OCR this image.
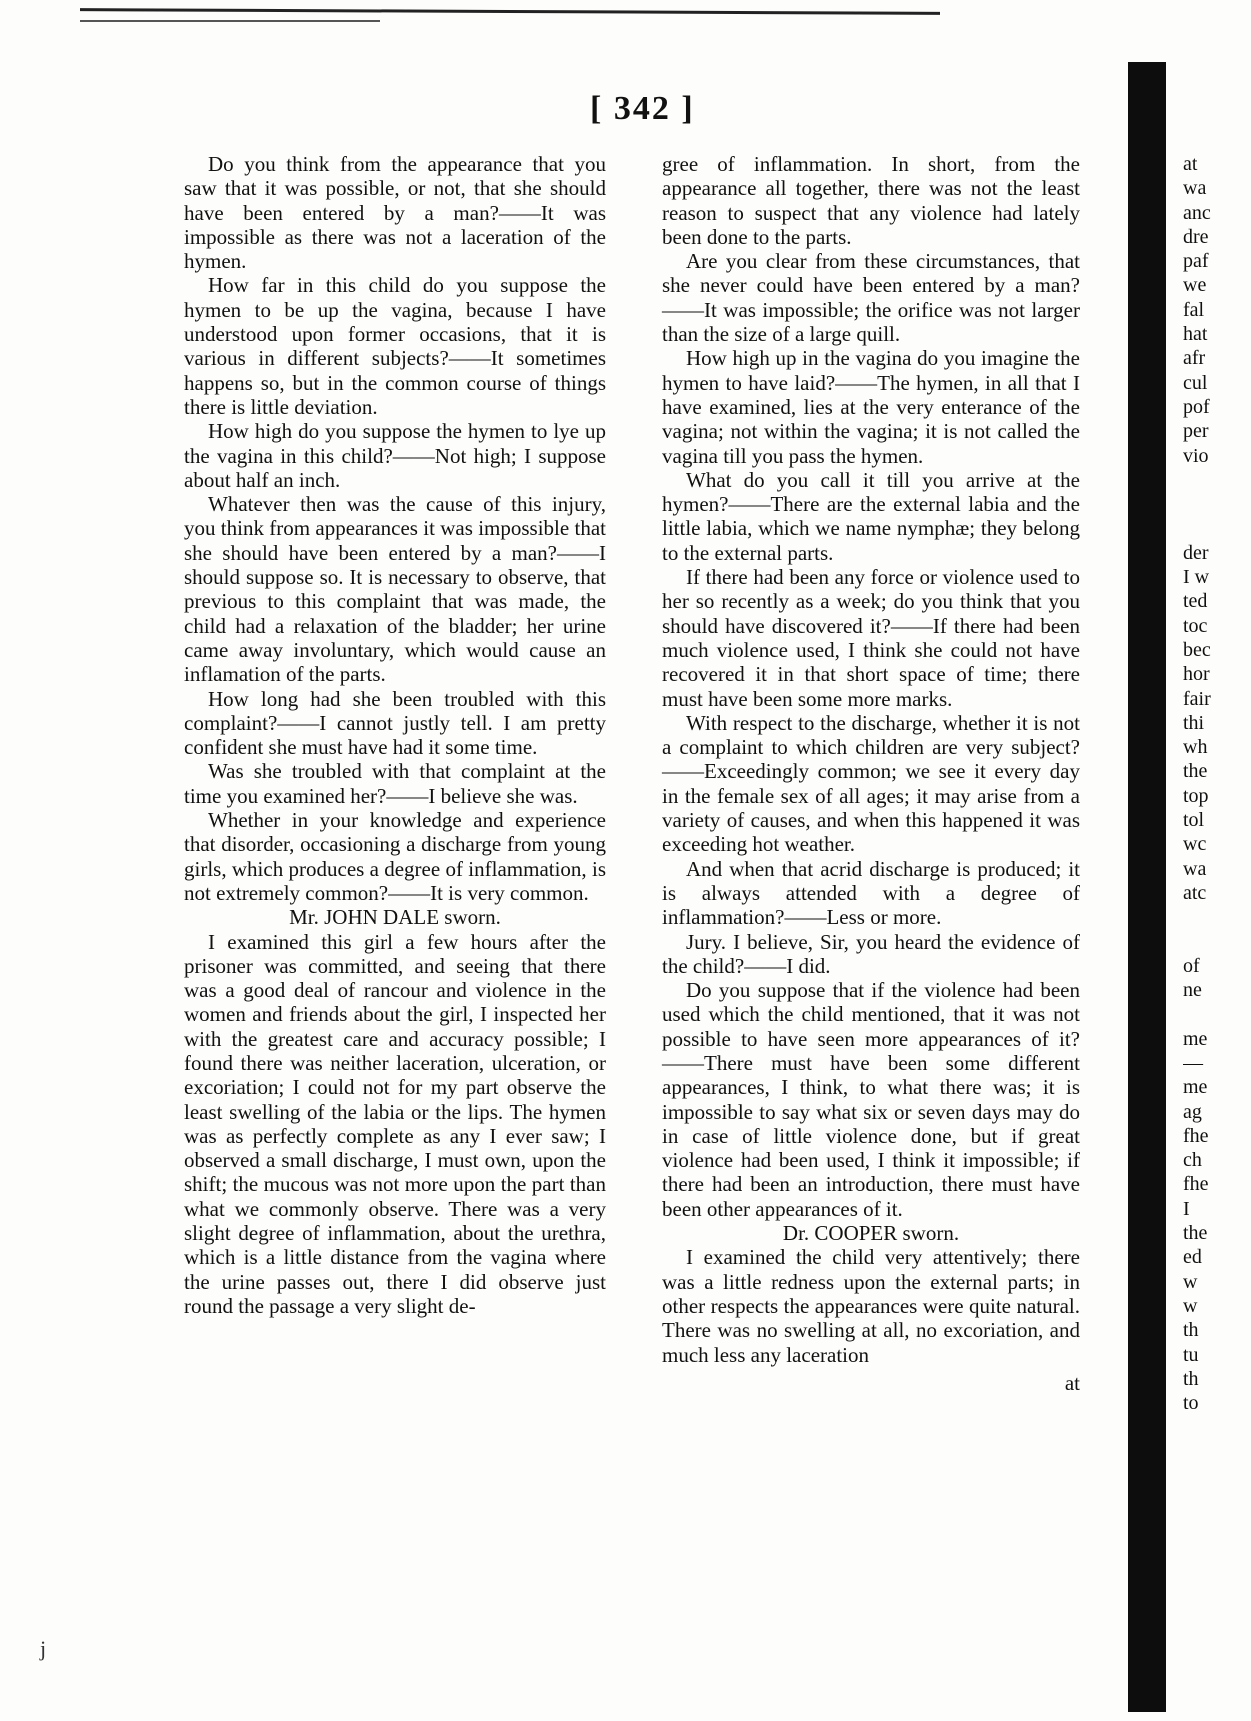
[ 342 ]

Do you think from the appearance that you saw that it was possible, or not, that she should have been entered by a man?——It was impossible as there was not a laceration of the hymen.

How far in this child do you suppose the hymen to be up the vagina, because I have understood upon former occasions, that it is various in different subjects?——It sometimes happens so, but in the common course of things there is little deviation.

How high do you suppose the hymen to lye up the vagina in this child?——Not high; I suppose about half an inch.

Whatever then was the cause of this injury, you think from appearances it was impossible that she should have been entered by a man?——I should suppose so. It is necessary to observe, that previous to this complaint that was made, the child had a relaxation of the bladder; her urine came away involuntary, which would cause an inflamation of the parts.

How long had she been troubled with this complaint?——I cannot justly tell. I am pretty confident she must have had it some time.

Was she troubled with that complaint at the time you examined her?——I believe she was.

Whether in your knowledge and experience that disorder, occasioning a discharge from young girls, which produces a degree of inflammation, is not extremely common?——It is very common.

Mr. JOHN DALE sworn.

I examined this girl a few hours after the prisoner was committed, and seeing that there was a good deal of rancour and violence in the women and friends about the girl, I inspected her with the greatest care and accuracy possible; I found there was neither laceration, ulceration, or excoriation; I could not for my part observe the least swelling of the labia or the lips. The hymen was as perfectly complete as any I ever saw; I observed a small discharge, I must own, upon the shift; the mucous was not more upon the part than what we commonly observe. There was a very slight degree of inflammation, about the urethra, which is a little distance from the vagina where the urine passes out, there I did observe just round the passage a very slight de-

gree of inflammation. In short, from the appearance all together, there was not the least reason to suspect that any violence had lately been done to the parts.

Are you clear from these circumstances, that she never could have been entered by a man?——It was impossible; the orifice was not larger than the size of a large quill.

How high up in the vagina do you imagine the hymen to have laid?——The hymen, in all that I have examined, lies at the very enterance of the vagina; not within the vagina; it is not called the vagina till you pass the hymen.

What do you call it till you arrive at the hymen?——There are the external labia and the little labia, which we name nymphæ; they belong to the external parts.

If there had been any force or violence used to her so recently as a week; do you think that you should have discovered it?——If there had been much violence used, I think she could not have recovered it in that short space of time; there must have been some more marks.

With respect to the discharge, whether it is not a complaint to which children are very subject?——Exceedingly common; we see it every day in the female sex of all ages; it may arise from a variety of causes, and when this happened it was exceeding hot weather.

And when that acrid discharge is produced; it is always attended with a degree of inflammation?——Less or more.

Jury. I believe, Sir, you heard the evidence of the child?——I did.

Do you suppose that if the violence had been used which the child mentioned, that it was not possible to have seen more appearances of it?——There must have been some different appearances, I think, to what there was; it is impossible to say what six or seven days may do in case of little violence done, but if great violence had been used, I think it impossible; if there had been an introduction, there must have been other appearances of it.

Dr. COOPER sworn.

I examined the child very attentively; there was a little redness upon the external parts; in other respects the appearances were quite natural. There was no swelling at all, no excoriation, and much less any laceration

at
at
wa
anc
dre
paf
we
fal
hat
afr
cul
pof
per
vio
der
I w
ted
toc
bec
hor
fair
thi
wh
the
top
tol
wc
wa
atc
of
ne
me
—
me
ag
fhe
ch
fhe
I
the
ed
w
w
th
tu
th
to
j
